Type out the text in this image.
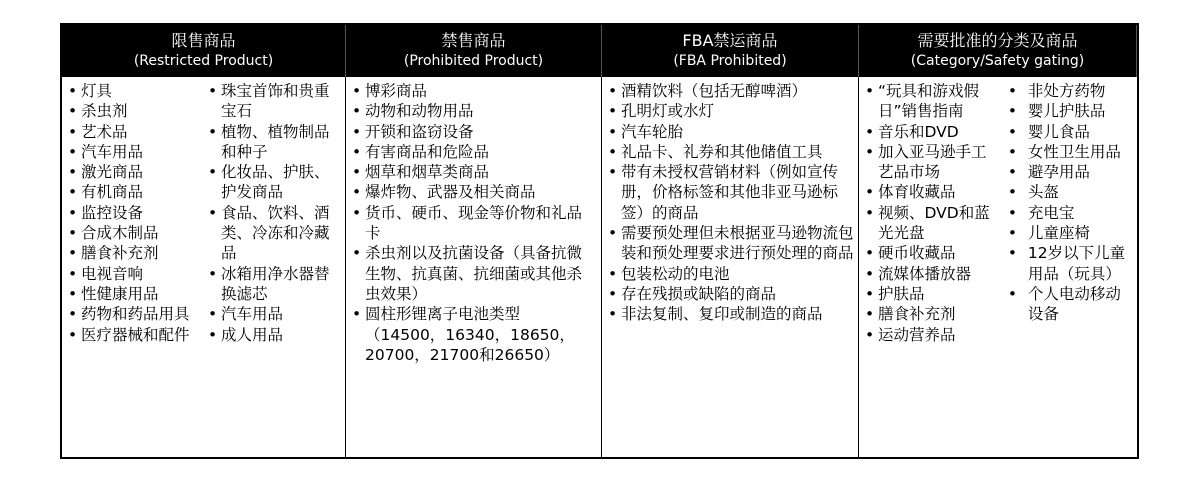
限售商品
(Restricted Product)
禁售商品
(Prohibited Product)
FBA禁运商品
(FBA Prohibited)
需要批准的分类及商品
(Category/Safety gating)
• 灯具
• 杀虫剂
• 艺术品
• 汽车用品
• 激光商品
• 有机商品
• 监控设备
• 合成木制品
• 膳食补充剂
• 电视音响
• 性健康用品
• 药物和药品用具
• 医疗器械和配件
• 珠宝首饰和贵重宝石
• 植物、植物制品和种子
• 化妆品、护肤、护发商品
• 食品、饮料、酒类、冷冻和冷藏品
• 冰箱用净水器替换滤芯
• 汽车用品
• 成人用品
• 博彩商品
• 动物和动物用品
• 开锁和盗窃设备
• 有害商品和危险品
• 烟草和烟草类商品
• 爆炸物、武器及相关商品
• 货币、硬币、现金等价物和礼品卡
• 杀虫剂以及抗菌设备（具备抗微生物、抗真菌、抗细菌或其他杀虫效果）
• 圆柱形锂离子电池类型（14500，16340，18650，20700，21700和26650）
• 酒精饮料（包括无醇啤酒）
• 孔明灯或水灯
• 汽车轮胎
• 礼品卡、礼券和其他储值工具
• 带有未授权营销材料（例如宣传册，价格标签和其他非亚马逊标签）的商品
• 需要预处理但未根据亚马逊物流包装和预处理要求进行预处理的商品
• 包装松动的电池
• 存在残损或缺陷的商品
• 非法复制、复印或制造的商品
• “玩具和游戏假日”销售指南
• 音乐和DVD
• 加入亚马逊手工艺品市场
• 体育收藏品
• 视频、DVD和蓝光光盘
• 硬币收藏品
• 流媒体播放器
• 护肤品
• 膳食补充剂
• 运动营养品
• 非处方药物
• 婴儿护肤品
• 婴儿食品
• 女性卫生用品
• 避孕用品
• 头盔
• 充电宝
• 儿童座椅
• 12岁以下儿童用品（玩具）
• 个人电动移动设备
